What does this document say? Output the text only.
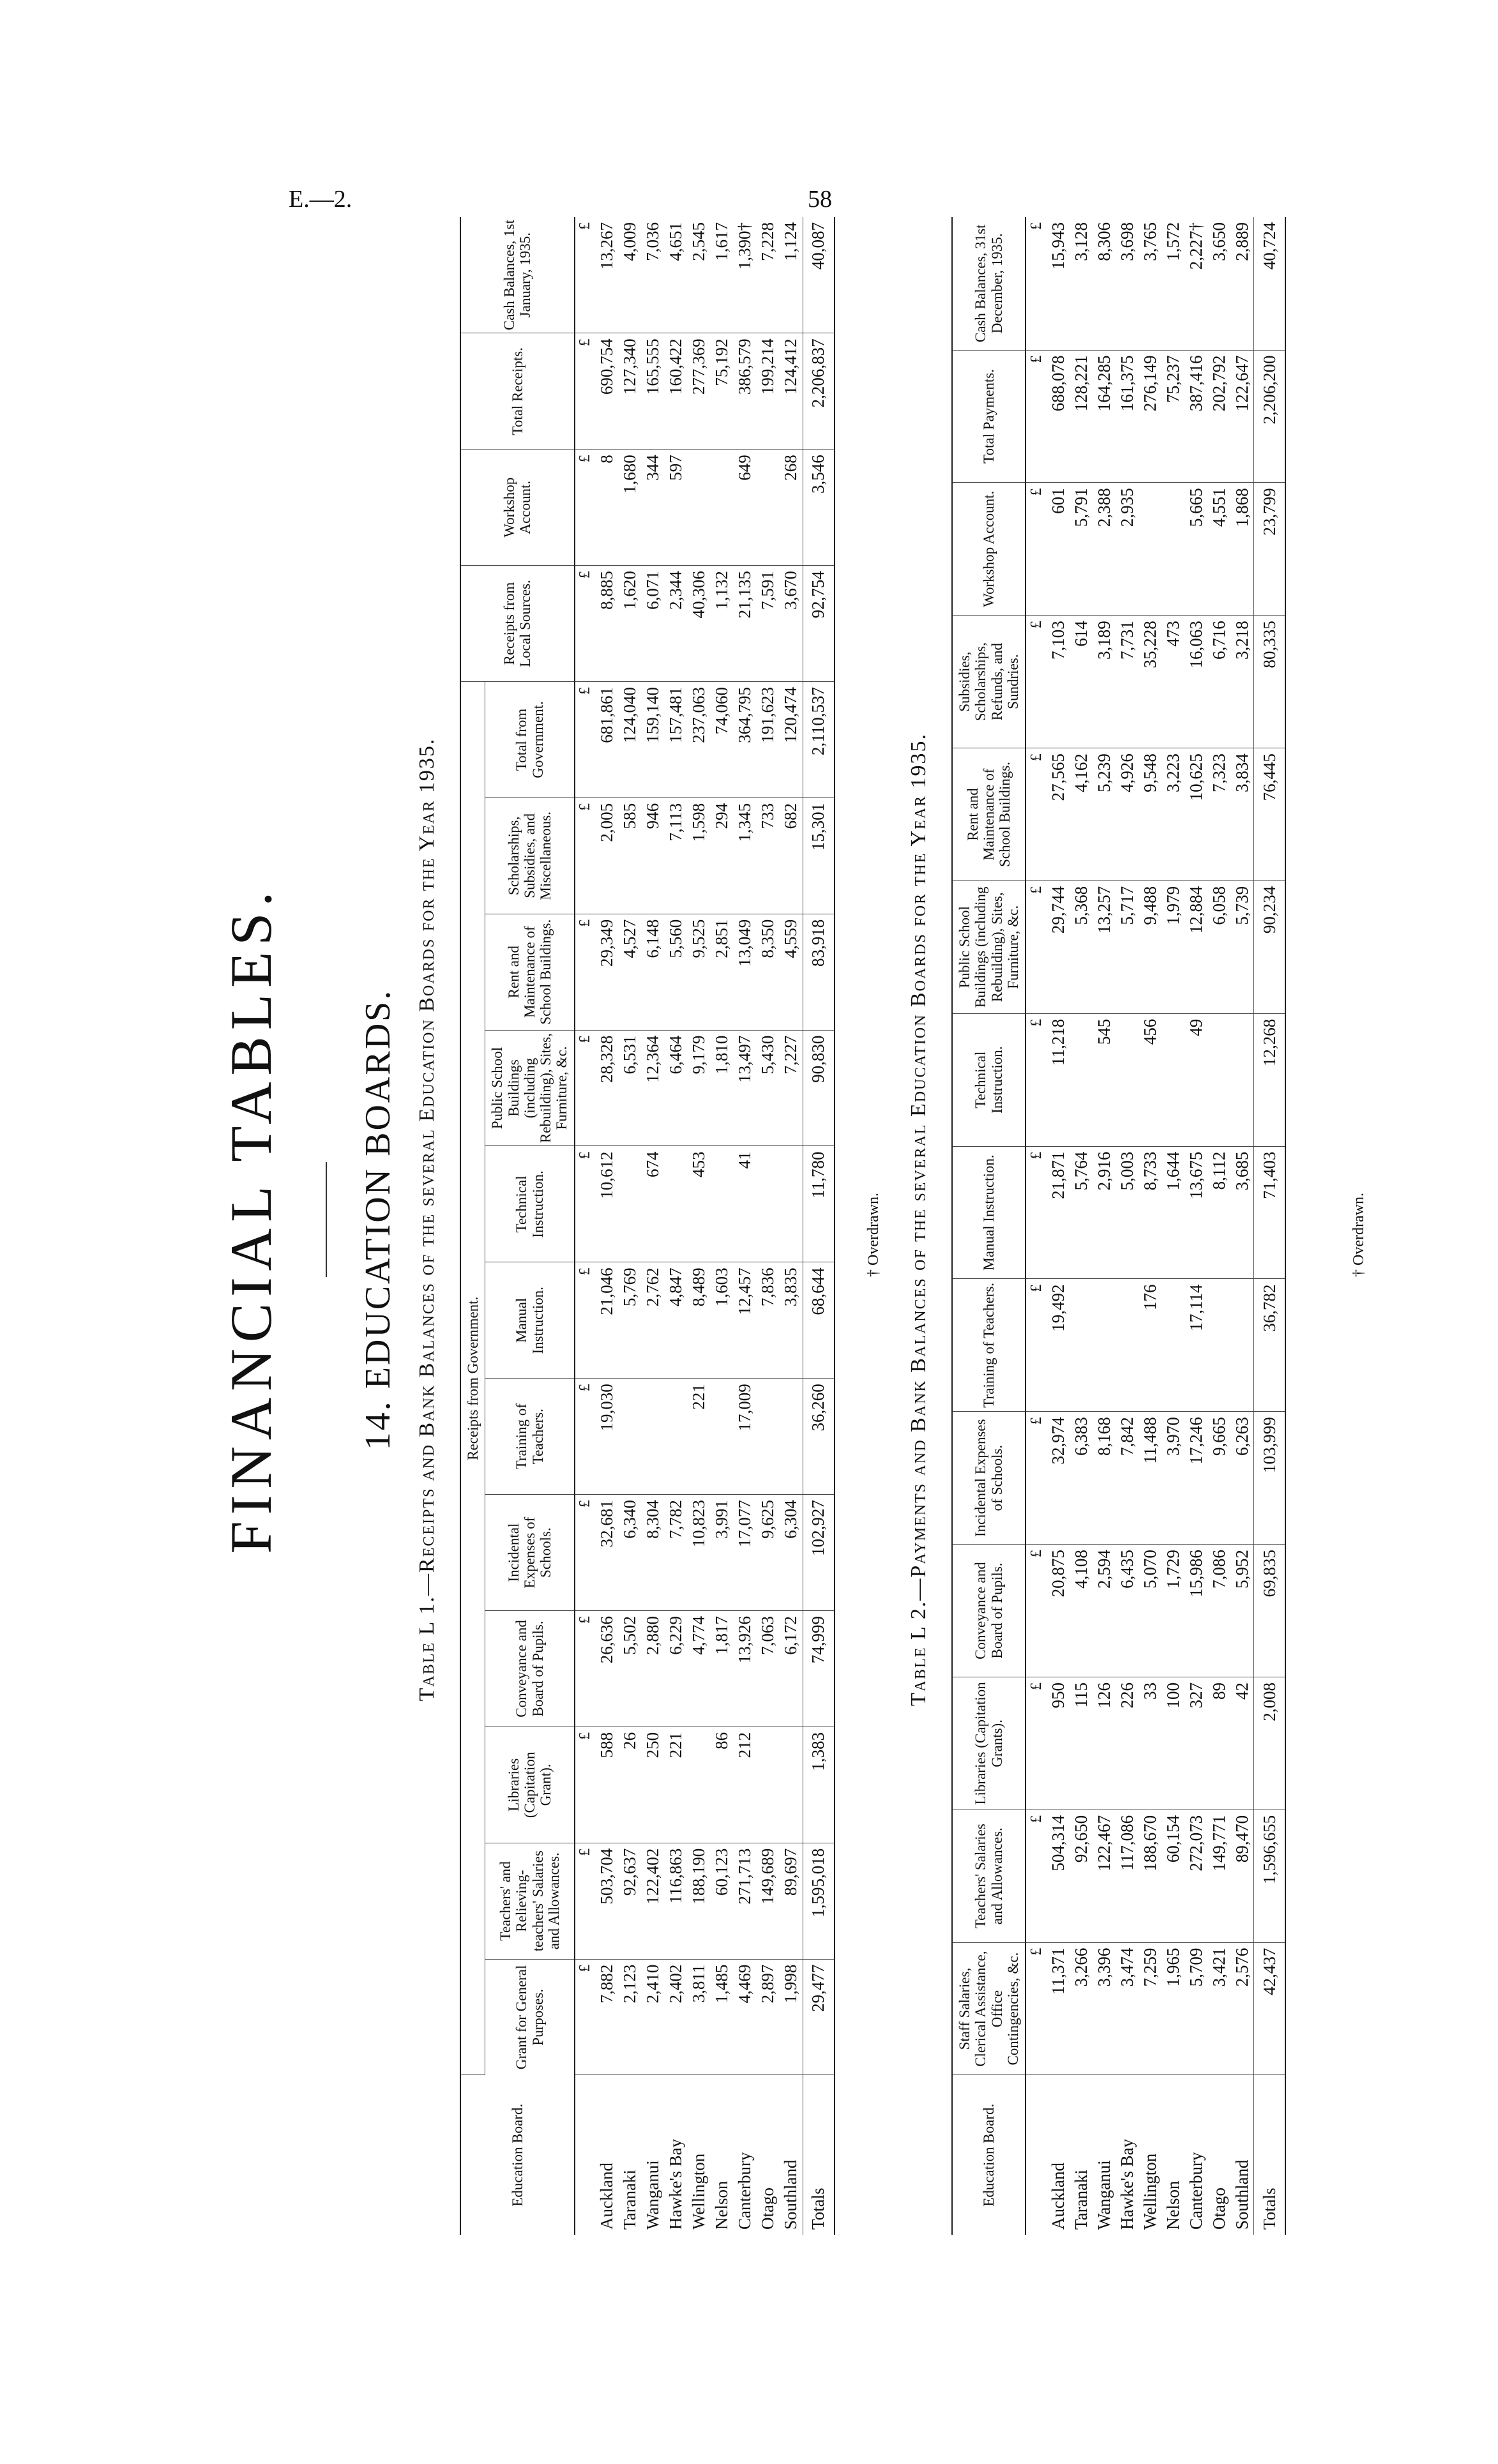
E.—2.	58
FINANCIAL TABLES. 14. EDUCATION BOARDS. Table L 1.—Receipts and Bank Balances of the several Education Boards for the Year 1935.
Education Board.	Receipts from Government.												Receipts from Local Sources.	Workshop Account.	Total Receipts.	Cash Balances, 1st January, 1935.
	Grant for General Purposes.	Teachers' and Relieving-teachers' Salaries and Allowances.	Libraries (Capitation Grant).	Conveyance and Board of Pupils.	Incidental Expenses of Schools.	Training of Teachers.	Manual Instruction.	Technical Instruction.	Public School Buildings (including Rebuilding), Sites, Furniture, &c.	Rent and Maintenance of School Buildings.	Scholarships, Subsidies, and Miscellaneous.	Total from Government.				
	£	£	£	£	£	£	£	£	£	£	£	£	£	£	£	£
Auckland	7,882	503,704	588	26,636	32,681	19,030	21,046	10,612	28,328	29,349	2,005	681,861	8,885	8	690,754	13,267
Taranaki	2,123	92,637	26	5,502	6,340		5,769		6,531	4,527	585	124,040	1,620	1,680	127,340	4,009
Wanganui	2,410	122,402	250	2,880	8,304		2,762	674	12,364	6,148	946	159,140	6,071	344	165,555	7,036
Hawke's Bay	2,402	116,863	221	6,229	7,782		4,847		6,464	5,560	7,113	157,481	2,344	597	160,422	4,651
Wellington	3,811	188,190		4,774	10,823	221	8,489	453	9,179	9,525	1,598	237,063	40,306		277,369	2,545
Nelson	1,485	60,123	86	1,817	3,991		1,603		1,810	2,851	294	74,060	1,132		75,192	1,617
Canterbury	4,469	271,713	212	13,926	17,077	17,009	12,457	41	13,497	13,049	1,345	364,795	21,135	649	386,579	1,390†
Otago	2,897	149,689		7,063	9,625		7,836		5,430	8,350	733	191,623	7,591		199,214	7,228
Southland	1,998	89,697		6,172	6,304		3,835		7,227	4,559	682	120,474	3,670	268	124,412	1,124
Totals	29,477	1,595,018	1,383	74,999	102,927	36,260	68,644	11,780	90,830	83,918	15,301	2,110,537	92,754	3,546	2,206,837	40,087
† Overdrawn. Table L 2.—Payments and Bank Balances of the several Education Boards for the Year 1935.
Education Board.	Staff Salaries, Clerical Assistance, Office Contingencies, &c.	Teachers' Salaries and Allowances.	Libraries (Capitation Grants).	Conveyance and Board of Pupils.	Incidental Expenses of Schools.	Training of Teachers.	Manual Instruction.	Technical Instruction.	Public School Buildings (including Rebuilding), Sites, Furniture, &c.	Rent and Maintenance of School Buildings.	Subsidies, Scholarships, Refunds, and Sundries.	Workshop Account.	Total Payments.	Cash Balances, 31st December, 1935.
	£	£	£	£	£	£	£	£	£	£	£	£	£	£
Auckland	11,371	504,314	950	20,875	32,974	19,492	21,871	11,218	29,744	27,565	7,103	601	688,078	15,943
Taranaki	3,266	92,650	115	4,108	6,383		5,764		5,368	4,162	614	5,791	128,221	3,128
Wanganui	3,396	122,467	126	2,594	8,168		2,916	545	13,257	5,239	3,189	2,388	164,285	8,306
Hawke's Bay	3,474	117,086	226	6,435	7,842		5,003		5,717	4,926	7,731	2,935	161,375	3,698
Wellington	7,259	188,670	33	5,070	11,488	176	8,733	456	9,488	9,548	35,228		276,149	3,765
Nelson	1,965	60,154	100	1,729	3,970		1,644		1,979	3,223	473		75,237	1,572
Canterbury	5,709	272,073	327	15,986	17,246	17,114	13,675	49	12,884	10,625	16,063	5,665	387,416	2,227†
Otago	3,421	149,771	89	7,086	9,665		8,112		6,058	7,323	6,716	4,551	202,792	3,650
Southland	2,576	89,470	42	5,952	6,263		3,685		5,739	3,834	3,218	1,868	122,647	2,889
Totals	42,437	1,596,655	2,008	69,835	103,999	36,782	71,403	12,268	90,234	76,445	80,335	23,799	2,206,200	40,724
† Overdrawn.
